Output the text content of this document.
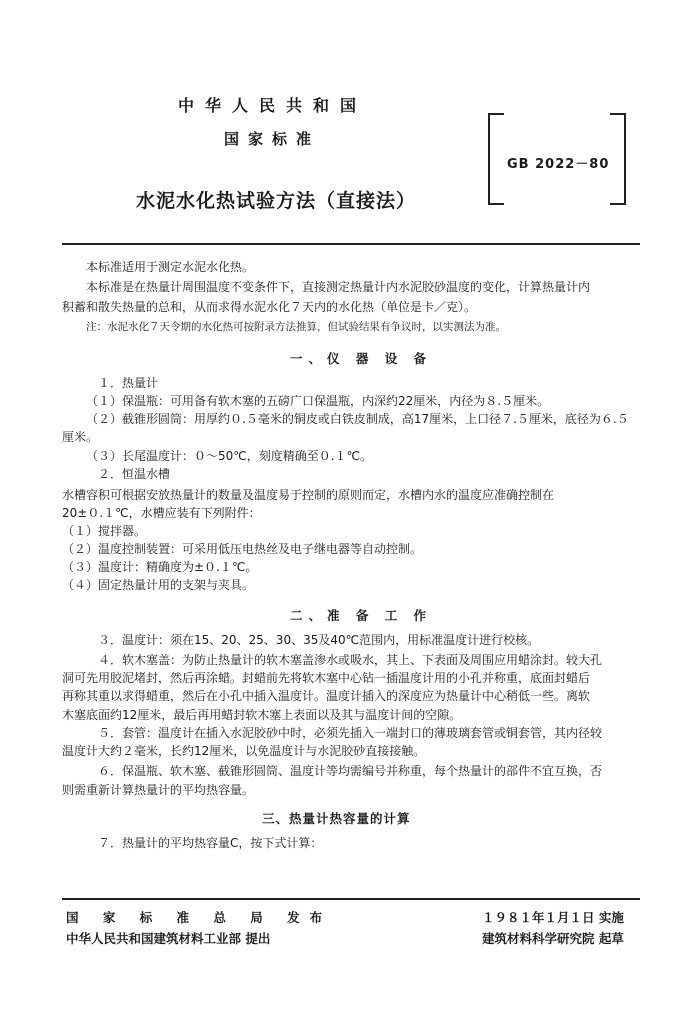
中华人民共和国
国家标准
水泥水化热试验方法（直接法）
GB 2022－80
本标准适用于测定水泥水化热。
本标准是在热量计周围温度不变条件下，直接测定热量计内水泥胶砂温度的变化，计算热量计内
积蓄和散失热量的总和，从而求得水泥水化７天内的水化热（单位是卡／克）。
注：水泥水化７天令期的水化热可按附录方法推算，但试验结果有争议时，以实测法为准。
一、仪 器 设 备
１．热量计
（１）保温瓶：可用备有软木塞的五磅广口保温瓶，内深约22厘米，内径为８.５厘米。
（２）截锥形圆筒：用厚约０.５毫米的铜皮或白铁皮制成，高17厘米，上口径７.５厘米，底径为６.５
厘米。
（３）长尾温度计：０～50℃，刻度精确至０.１℃。
２．恒温水槽
水槽容积可根据安放热量计的数量及温度易于控制的原则而定，水槽内水的温度应准确控制在
20±０.１℃，水槽应装有下列附件：
（１）搅拌器。
（２）温度控制装置：可采用低压电热丝及电子继电器等自动控制。
（３）温度计：精确度为±０.１℃。
（４）固定热量计用的支架与夹具。
二、准 备 工 作
３．温度计：须在15、20、25、30、35及40℃范围内，用标准温度计进行校核。
４．软木塞盖：为防止热量计的软木塞盖渗水或吸水，其上、下表面及周围应用蜡涂封。较大孔
洞可先用胶泥堵封，然后再涂蜡。封蜡前先将软木塞中心钻一插温度计用的小孔并称重，底面封蜡后
再称其重以求得蜡重，然后在小孔中插入温度计。温度计插入的深度应为热量计中心稍低一些。离软
木塞底面约12厘米，最后再用蜡封软木塞上表面以及其与温度计间的空隙。
５．套管：温度计在插入水泥胶砂中时，必须先插入一端封口的薄玻璃套管或铜套管，其内径较
温度计大约２毫米，长约12厘米，以免温度计与水泥胶砂直接接触。
６．保温瓶、软木塞、截锥形圆筒、温度计等均需编号并称重，每个热量计的部件不宜互换，否
则需重新计算热量计的平均热容量。
三、热量计热容量的计算
７．热量计的平均热容量C，按下式计算：
国 家 标 准 总 局 发布
中华人民共和国建筑材料工业部 提出
１９８１年１月１日 实施
建筑材料科学研究院 起草
